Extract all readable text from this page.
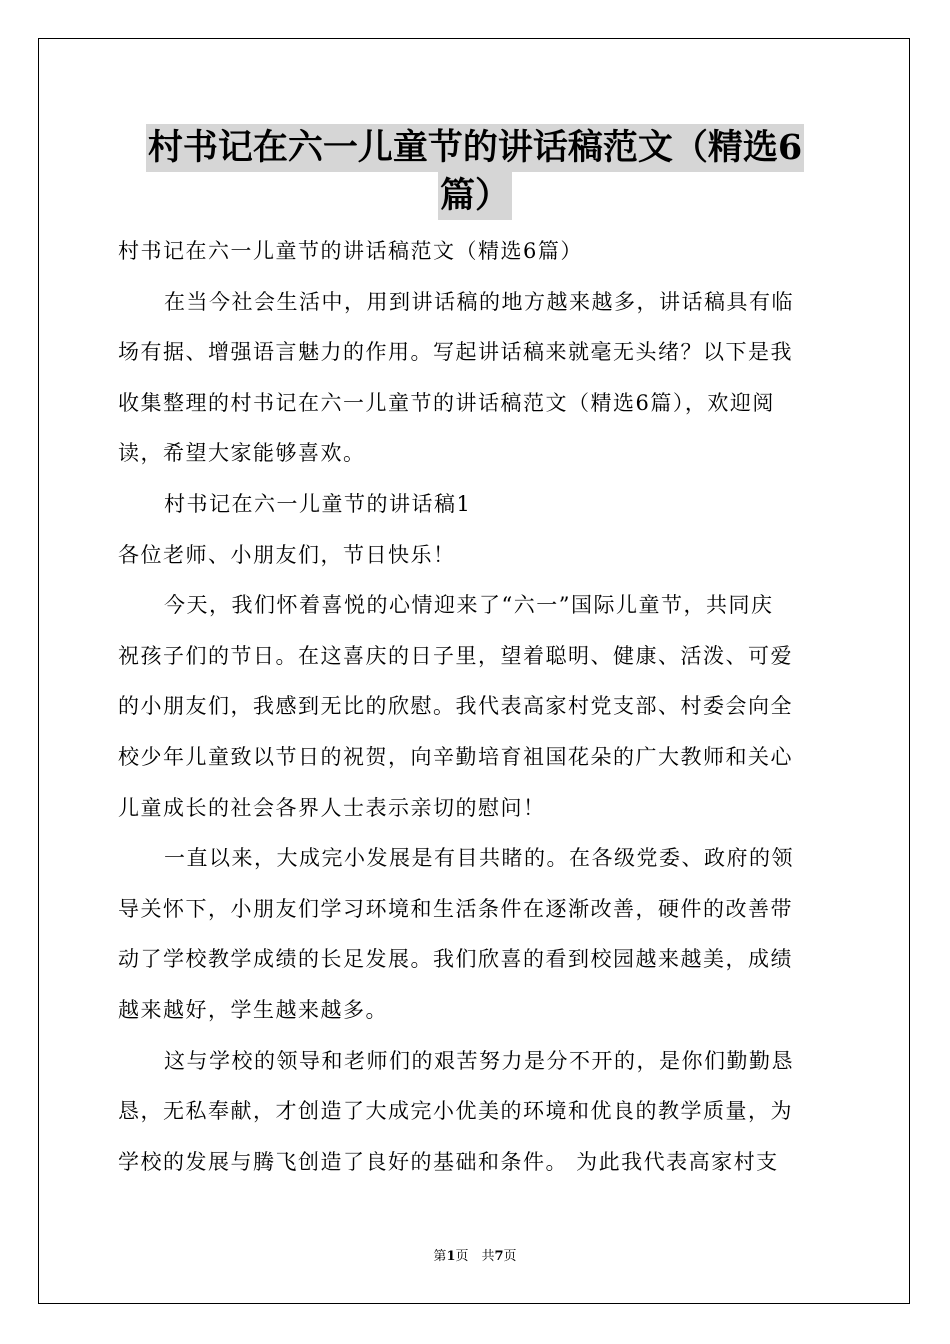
村书记在六一儿童节的讲话稿范文（精选6
篇）

村书记在六一儿童节的讲话稿范文（精选6篇）

在当今社会生活中，用到讲话稿的地方越来越多，讲话稿具有临

场有据、增强语言魅力的作用。写起讲话稿来就毫无头绪？以下是我

收集整理的村书记在六一儿童节的讲话稿范文（精选6篇），欢迎阅

读，希望大家能够喜欢。

村书记在六一儿童节的讲话稿1

各位老师、小朋友们，节日快乐！

今天，我们怀着喜悦的心情迎来了“六一”国际儿童节，共同庆

祝孩子们的节日。在这喜庆的日子里，望着聪明、健康、活泼、可爱

的小朋友们，我感到无比的欣慰。我代表高家村党支部、村委会向全

校少年儿童致以节日的祝贺，向辛勤培育祖国花朵的广大教师和关心

儿童成长的社会各界人士表示亲切的慰问！

一直以来，大成完小发展是有目共睹的。在各级党委、政府的领

导关怀下，小朋友们学习环境和生活条件在逐渐改善，硬件的改善带

动了学校教学成绩的长足发展。我们欣喜的看到校园越来越美，成绩

越来越好，学生越来越多。

这与学校的领导和老师们的艰苦努力是分不开的，是你们勤勤恳

恳，无私奉献，才创造了大成完小优美的环境和优良的教学质量，为

学校的发展与腾飞创造了良好的基础和条件。 为此我代表高家村支

第1页　共7页
